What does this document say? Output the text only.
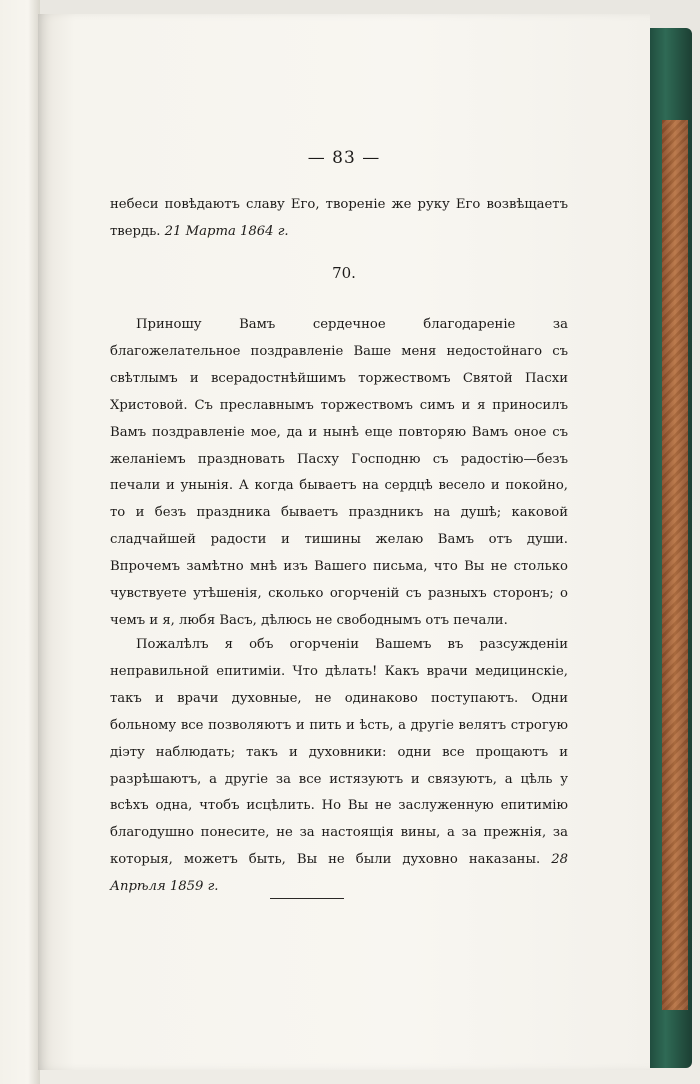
— 83 —

небеси повѣдаютъ славу Его, твореніе же руку Его возвѣщаетъ твердь. 21 Марта 1864 г.

70.

Приношу Вамъ сердечное благодареніе за благожелательное поздравленіе Ваше меня недостойнаго съ свѣтлымъ и всерадостнѣйшимъ торжествомъ Святой Пасхи Христовой. Съ преславнымъ торжествомъ симъ и я приносилъ Вамъ поздравленіе мое, да и нынѣ еще повторяю Вамъ оное съ желаніемъ праздновать Пасху Господню съ радостію—безъ печали и унынія. А когда бываетъ на сердцѣ весело и покойно, то и безъ праздника бываетъ праздникъ на душѣ; каковой сладчайшей радости и тишины желаю Вамъ отъ души. Впрочемъ замѣтно мнѣ изъ Вашего письма, что Вы не столько чувствуете утѣшенія, сколько огорченій съ разныхъ сторонъ; о чемъ и я, любя Васъ, дѣлюсь не свободнымъ отъ печали.

Пожалѣлъ я объ огорченіи Вашемъ въ разсужденіи неправильной епитиміи. Что дѣлать! Какъ врачи медицинскіе, такъ и врачи духовные, не одинаково поступаютъ. Одни больному все позволяютъ и пить и ѣсть, а другіе велятъ строгую діэту наблюдать; такъ и духовники: одни все прощаютъ и разрѣшаютъ, а другіе за все истязуютъ и связуютъ, а цѣль у всѣхъ одна, чтобъ исцѣлить. Но Вы не заслуженную епитимію благодушно понесите, не за настоящія вины, а за прежнія, за которыя, можетъ быть, Вы не были духовно наказаны. 28 Апрѣля 1859 г.
